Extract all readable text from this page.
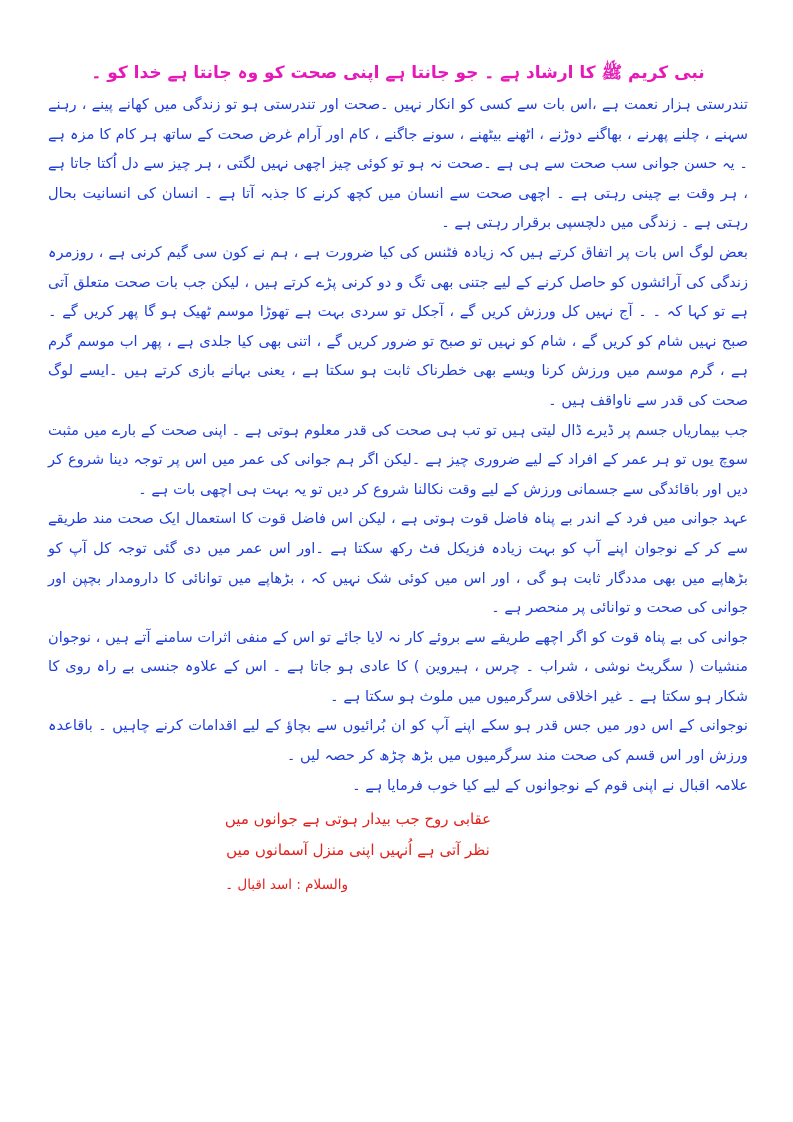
نبی کریم ﷺ کا ارشاد ہے ۔ جو جانتا ہے اپنی صحت کو وہ جانتا ہے خدا کو ۔

تندرستی ہزار نعمت ہے ،اس بات سے کسی کو انکار نہیں ۔صحت اور تندرستی ہو تو زندگی میں کھانے پینے ، رہنے سہنے ، چلنے پھرنے ، بھاگنے دوڑنے ، اٹھنے بیٹھنے ، سونے جاگنے ، کام اور آرام غرض صحت کے ساتھ ہر کام کا مزہ ہے ۔ یہ حسن جوانی سب صحت سے ہی ہے ۔صحت نہ ہو تو کوئی چیز اچھی نہیں لگتی ، ہر چیز سے دل اُکتا جاتا ہے ، ہر وقت بے چینی رہتی ہے ۔ اچھی صحت سے انسان میں کچھ کرنے کا جذبہ آتا ہے ۔ انسان کی انسانیت بحال رہتی ہے ۔ زندگی میں دلچسپی برقرار رہتی ہے ۔

بعض لوگ اس بات پر اتفاق کرتے ہیں کہ زیادہ فٹنس کی کیا ضرورت ہے ، ہم نے کون سی گیم کرنی ہے ، روزمرہ زندگی کی آرائشوں کو حاصل کرنے کے لیے جتنی بھی تگ و دو کرنی پڑے کرتے ہیں ، لیکن جب بات صحت متعلق آتی ہے تو کہا کہ ۔ ۔ آج نہیں کل ورزش کریں گے ، آجکل تو سردی بہت ہے تھوڑا موسم ٹھیک ہو گا پھر کریں گے ۔ صبح نہیں شام کو کریں گے ، شام کو نہیں تو صبح تو ضرور کریں گے ، اتنی بھی کیا جلدی ہے ، پھر اب موسم گرم ہے ، گرم موسم میں ورزش کرنا ویسے بھی خطرناک ثابت ہو سکتا ہے ، یعنی بہانے بازی کرتے ہیں ۔ایسے لوگ صحت کی قدر سے ناواقف ہیں ۔

جب بیماریاں جسم پر ڈیرے ڈال لیتی ہیں تو تب ہی صحت کی قدر معلوم ہوتی ہے ۔ اپنی صحت کے بارے میں مثبت سوچ یوں تو ہر عمر کے افراد کے لیے ضروری چیز ہے ۔لیکن اگر ہم جوانی کی عمر میں اس پر توجہ دینا شروع کر دیں اور باقائدگی سے جسمانی ورزش کے لیے وقت نکالنا شروع کر دیں تو یہ بہت ہی اچھی بات ہے ۔

عہد جوانی میں فرد کے اندر بے پناہ فاضل قوت ہوتی ہے ، لیکن اس فاضل قوت کا استعمال ایک صحت مند طریقے سے کر کے نوجوان اپنے آپ کو بہت زیادہ فزیکل فٹ رکھ سکتا ہے ۔اور اس عمر میں دی گئی توجہ کل آپ کو بڑھاپے میں بھی مددگار ثابت ہو گی ، اور اس میں کوئی شک نہیں کہ ، بڑھاپے میں توانائی کا دارومدار بچپن اور جوانی کی صحت و توانائی پر منحصر ہے ۔

جوانی کی بے پناہ قوت کو اگر اچھے طریقے سے بروئے کار نہ لایا جائے تو اس کے منفی اثرات سامنے آتے ہیں ، نوجوان منشیات ( سگریٹ نوشی ، شراب ۔ چرس ، ہیروین ) کا عادی ہو جاتا ہے ۔ اس کے علاوہ جنسی بے راہ روی کا شکار ہو سکتا ہے ۔ غیر اخلاقی سرگرمیوں میں ملوث ہو سکتا ہے ۔

نوجوانی کے اس دور میں جس قدر ہو سکے اپنے آپ کو ان بُرائیوں سے بچاؤ کے لیے اقدامات کرنے چاہیں ۔ باقاعدہ ورزش اور اس قسم کی صحت مند سرگرمیوں میں بڑھ چڑھ کر حصہ لیں ۔

علامہ اقبال نے اپنی قوم کے نوجوانوں کے لیے کیا خوب فرمایا ہے ۔

عقابی روح جب بیدار ہوتی ہے جوانوں میں
نظر آتی ہے اُنہیں اپنی منزل آسمانوں میں
والسلام : اسد اقبال ۔
